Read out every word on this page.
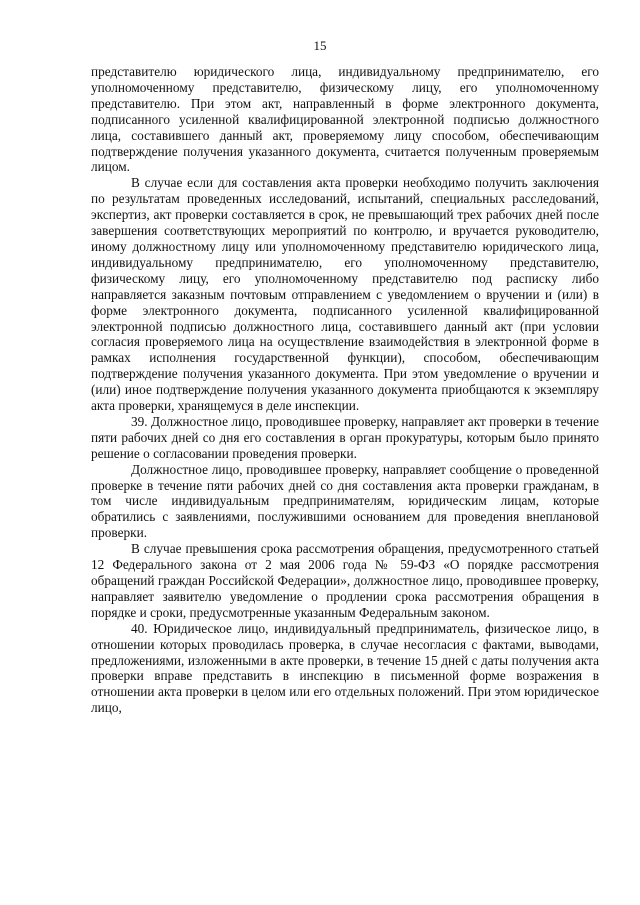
15

представителю юридического лица, индивидуальному предпринимателю, его уполномоченному представителю, физическому лицу, его уполномоченному представителю. При этом акт, направленный в форме электронного документа, подписанного усиленной квалифицированной электронной подписью должностного лица, составившего данный акт, проверяемому лицу способом, обеспечивающим подтверждение получения указанного документа, считается полученным проверяемым лицом.

В случае если для составления акта проверки необходимо получить заключения по результатам проведенных исследований, испытаний, специальных расследований, экспертиз, акт проверки составляется в срок, не превышающий трех рабочих дней после завершения соответствующих мероприятий по контролю, и вручается руководителю, иному должностному лицу или уполномоченному представителю юридического лица, индивидуальному предпринимателю, его уполномоченному представителю, физическому лицу, его уполномоченному представителю под расписку либо направляется заказным почтовым отправлением с уведомлением о вручении и (или) в форме электронного документа, подписанного усиленной квалифицированной электронной подписью должностного лица, составившего данный акт (при условии согласия проверяемого лица на осуществление взаимодействия в электронной форме в рамках исполнения государственной функции), способом, обеспечивающим подтверждение получения указанного документа. При этом уведомление о вручении и (или) иное подтверждение получения указанного документа приобщаются к экземпляру акта проверки, хранящемуся в деле инспекции.

39. Должностное лицо, проводившее проверку, направляет акт проверки в течение пяти рабочих дней со дня его составления в орган прокуратуры, которым было принято решение о согласовании проведения проверки.

Должностное лицо, проводившее проверку, направляет сообщение о проведенной проверке в течение пяти рабочих дней со дня составления акта проверки гражданам, в том числе индивидуальным предпринимателям, юридическим лицам, которые обратились с заявлениями, послужившими основанием для проведения внеплановой проверки.

В случае превышения срока рассмотрения обращения, предусмотренного статьей 12 Федерального закона от 2 мая 2006 года № 59-ФЗ «О порядке рассмотрения обращений граждан Российской Федерации», должностное лицо, проводившее проверку, направляет заявителю уведомление о продлении срока рассмотрения обращения в порядке и сроки, предусмотренные указанным Федеральным законом.

40. Юридическое лицо, индивидуальный предприниматель, физическое лицо, в отношении которых проводилась проверка, в случае несогласия с фактами, выводами, предложениями, изложенными в акте проверки, в течение 15 дней с даты получения акта проверки вправе представить в инспекцию в письменной форме возражения в отношении акта проверки в целом или его отдельных положений. При этом юридическое лицо,
